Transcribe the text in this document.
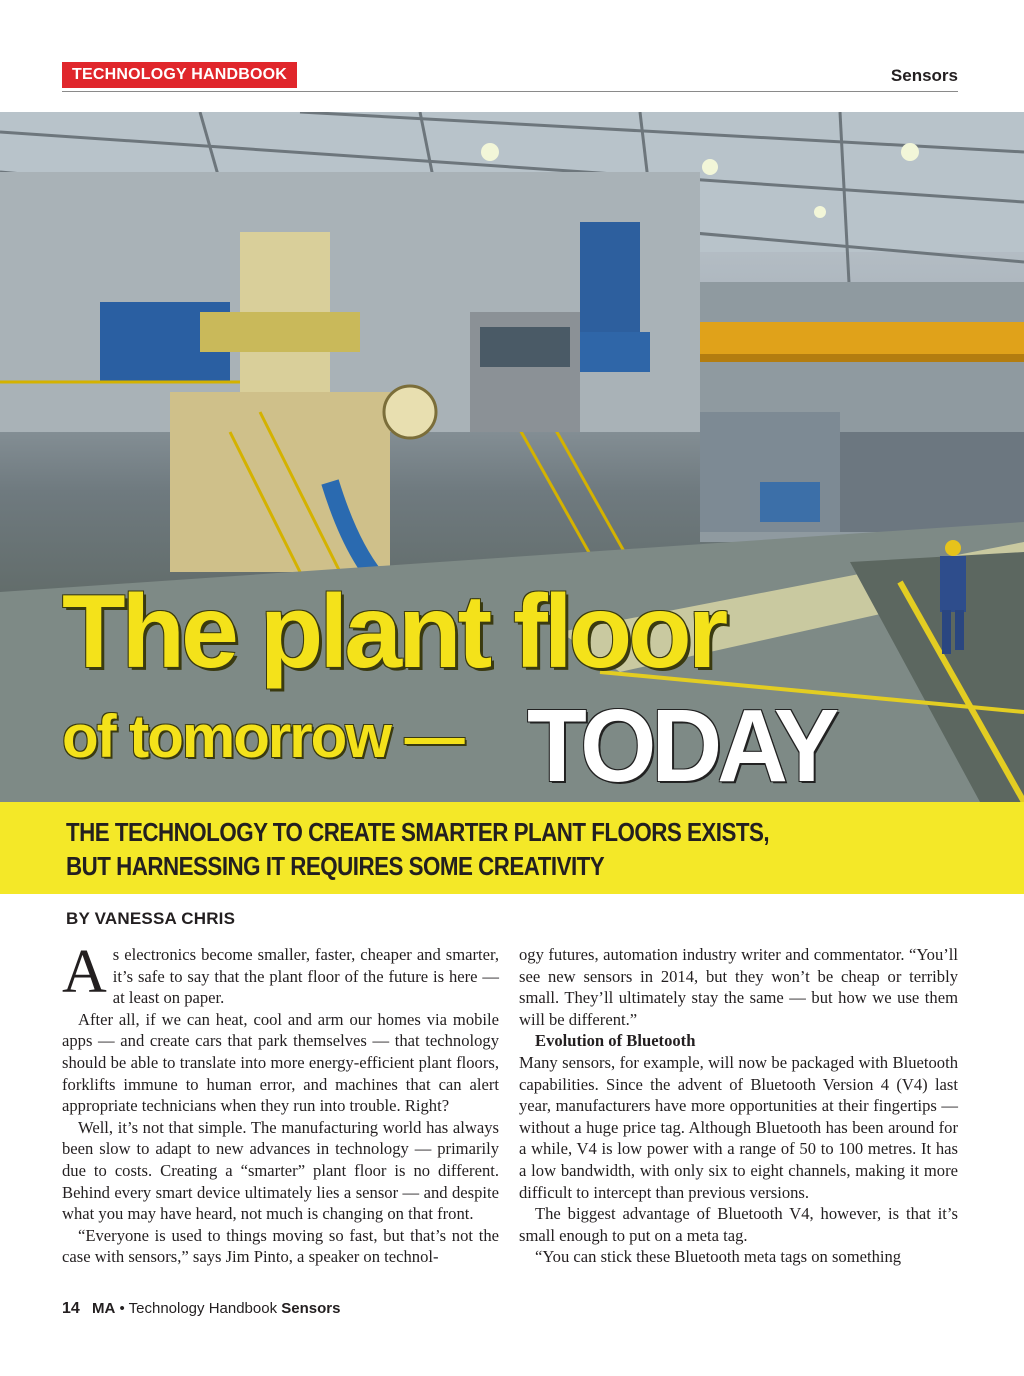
TECHNOLOGY HANDBOOK	Sensors
The plant floor
of tomorrow — TODAY
THE TECHNOLOGY TO CREATE SMARTER PLANT FLOORS EXISTS,
BUT HARNESSING IT REQUIRES SOME CREATIVITY
BY VANESSA CHRIS

As electronics become smaller, faster, cheaper and smarter, it’s safe to say that the plant floor of the future is here — at least on paper.

After all, if we can heat, cool and arm our homes via mobile apps — and create cars that park themselves — that technology should be able to translate into more energy-efficient plant floors, forklifts immune to human error, and machines that can alert appropriate technicians when they run into trouble. Right?

Well, it’s not that simple. The manufacturing world has always been slow to adapt to new advances in technology — primarily due to costs. Creating a “smarter” plant floor is no different. Behind every smart device ultimately lies a sensor — and despite what you may have heard, not much is changing on that front.

“Everyone is used to things moving so fast, but that’s not the case with sensors,” says Jim Pinto, a speaker on technol-

ogy futures, automation industry writer and commentator. “You’ll see new sensors in 2014, but they won’t be cheap or terribly small. They’ll ultimately stay the same — but how we use them will be different.”

Evolution of Bluetooth

Many sensors, for example, will now be packaged with Bluetooth capabilities. Since the advent of Bluetooth Version 4 (V4) last year, manufacturers have more opportunities at their fingertips — without a huge price tag. Although Bluetooth has been around for a while, V4 is low power with a range of 50 to 100 metres. It has a low bandwidth, with only six to eight channels, making it more difficult to intercept than previous versions.

The biggest advantage of Bluetooth V4, however, is that it’s small enough to put on a meta tag.

“You can stick these Bluetooth meta tags on something

14 MA • Technology Handbook Sensors
